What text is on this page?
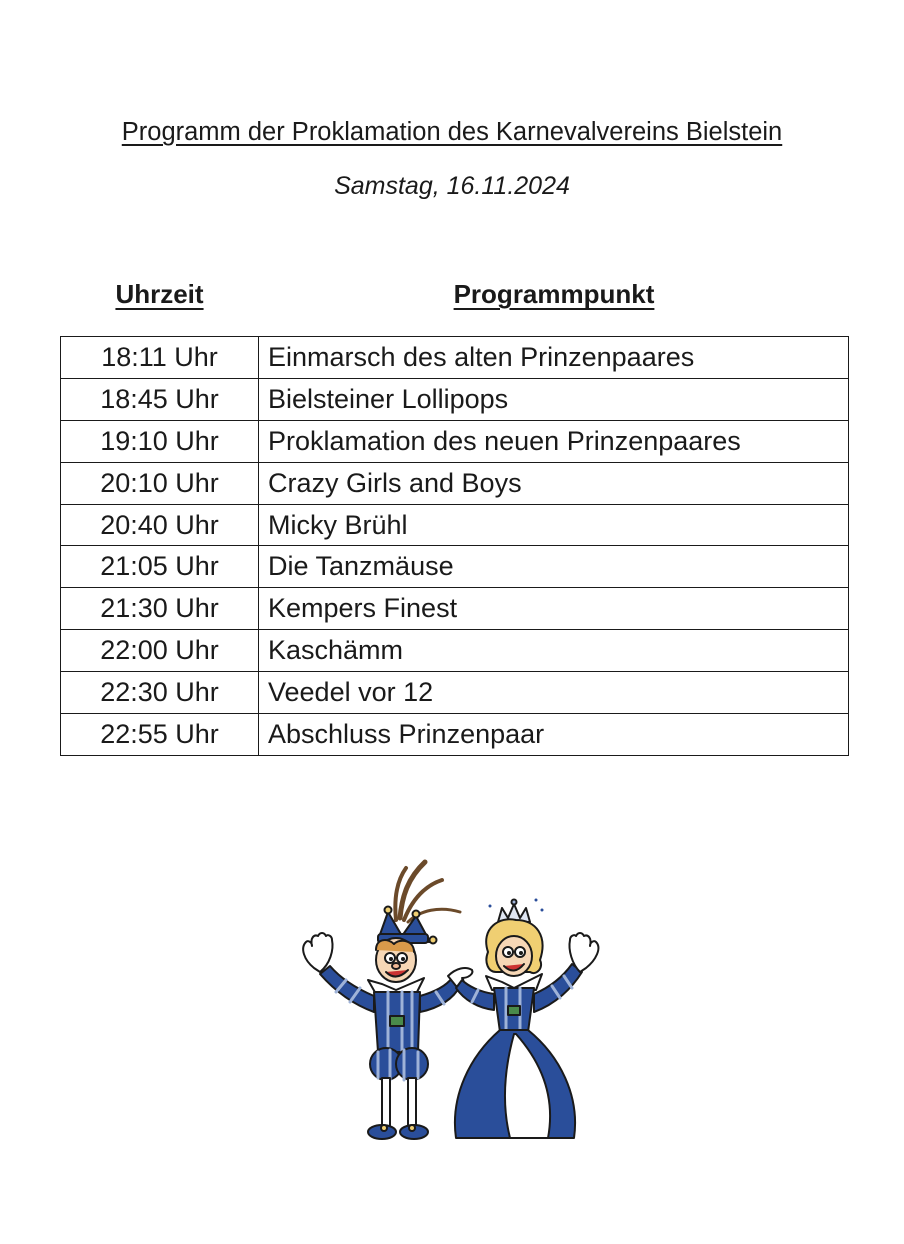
Programm der Proklamation des Karnevalvereins Bielstein
Samstag, 16.11.2024
Uhrzeit	Programmpunkt
18:11 Uhr	Einmarsch des alten Prinzenpaares
18:45 Uhr	Bielsteiner Lollipops
19:10 Uhr	Proklamation des neuen Prinzenpaares
20:10 Uhr	Crazy Girls and Boys
20:40 Uhr	Micky Brühl
21:05 Uhr	Die Tanzmäuse
21:30 Uhr	Kempers Finest
22:00 Uhr	Kaschämm
22:30 Uhr	Veedel vor 12
22:55 Uhr	Abschluss Prinzenpaar
